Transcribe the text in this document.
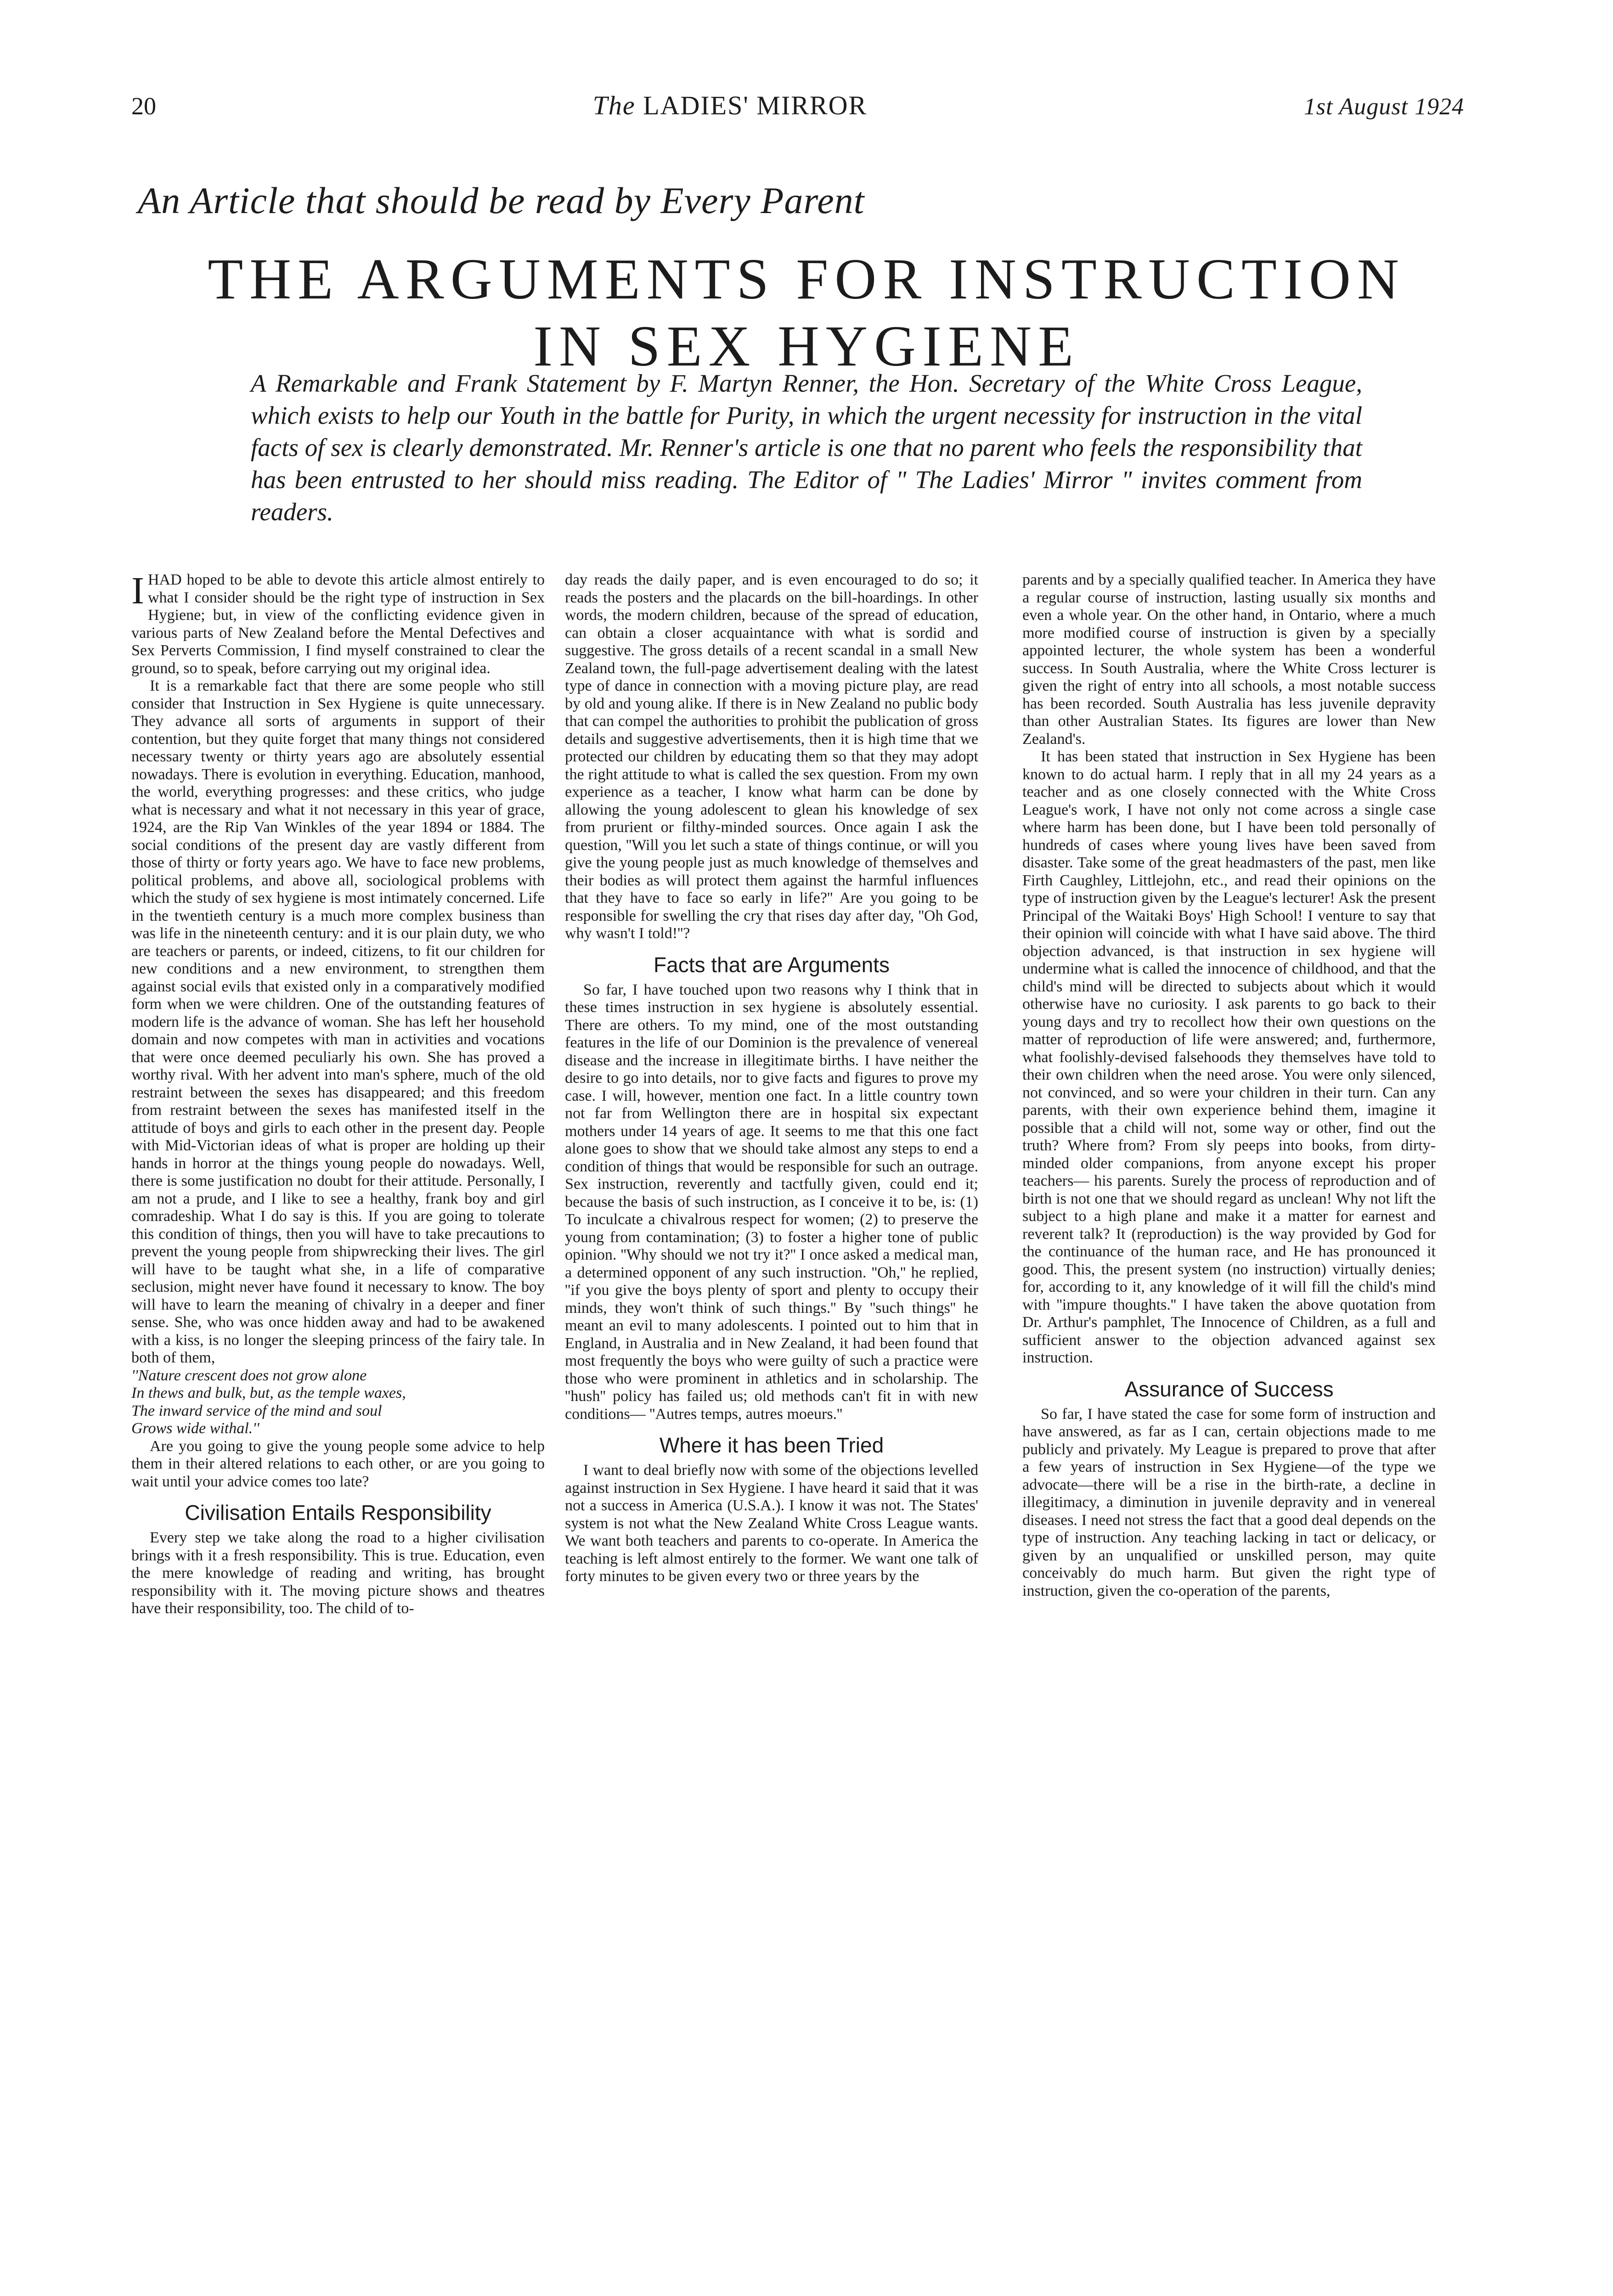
20	The LADIES' MIRROR	1st August 1924
An Article that should be read by Every Parent
THE ARGUMENTS FOR INSTRUCTION
IN SEX HYGIENE
A Remarkable and Frank Statement by F. Martyn Renner, the Hon. Secretary of the White Cross League, which exists to help our Youth in the battle for Purity, in which the urgent necessity for instruction in the vital facts of sex is clearly demonstrated. Mr. Renner's article is one that no parent who feels the responsibility that has been entrusted to her should miss reading. The Editor of " The Ladies' Mirror " invites comment from readers.

IHAD hoped to be able to devote this article almost entirely to what I consider should be the right type of instruction in Sex Hygiene; but, in view of the conflicting evidence given in various parts of New Zealand before the Mental Defectives and Sex Perverts Commission, I find myself constrained to clear the ground, so to speak, before carrying out my original idea.

It is a remarkable fact that there are some people who still consider that Instruction in Sex Hygiene is quite unnecessary. They advance all sorts of arguments in support of their contention, but they quite forget that many things not considered necessary twenty or thirty years ago are absolutely essential nowadays. There is evolution in everything. Education, manhood, the world, everything progresses: and these critics, who judge what is necessary and what it not necessary in this year of grace, 1924, are the Rip Van Winkles of the year 1894 or 1884. The social conditions of the present day are vastly different from those of thirty or forty years ago. We have to face new problems, political problems, and above all, sociological problems with which the study of sex hygiene is most intimately concerned. Life in the twentieth century is a much more complex business than was life in the nineteenth century: and it is our plain duty, we who are teachers or parents, or indeed, citizens, to fit our children for new conditions and a new environment, to strengthen them against social evils that existed only in a comparatively modified form when we were children. One of the outstanding features of modern life is the advance of woman. She has left her household domain and now competes with man in activities and vocations that were once deemed peculiarly his own. She has proved a worthy rival. With her advent into man's sphere, much of the old restraint between the sexes has disappeared; and this freedom from restraint between the sexes has manifested itself in the attitude of boys and girls to each other in the present day. People with Mid-Victorian ideas of what is proper are holding up their hands in horror at the things young people do nowadays. Well, there is some justification no doubt for their attitude. Personally, I am not a prude, and I like to see a healthy, frank boy and girl comradeship. What I do say is this. If you are going to tolerate this condition of things, then you will have to take precautions to prevent the young people from shipwrecking their lives. The girl will have to be taught what she, in a life of comparative seclusion, might never have found it necessary to know. The boy will have to learn the meaning of chivalry in a deeper and finer sense. She, who was once hidden away and had to be awakened with a kiss, is no longer the sleeping princess of the fairy tale. In both of them,

''Nature crescent does not grow alone

In thews and bulk, but, as the temple waxes,

The inward service of the mind and soul

Grows wide withal.''

Are you going to give the young people some advice to help them in their altered relations to each other, or are you going to wait until your advice comes too late?

Civilisation Entails Responsibility

Every step we take along the road to a higher civilisation brings with it a fresh responsibility. This is true. Education, even the mere knowledge of reading and writing, has brought responsibility with it. The moving picture shows and theatres have their responsibility, too. The child of to-

day reads the daily paper, and is even encouraged to do so; it reads the posters and the placards on the bill-hoardings. In other words, the modern children, because of the spread of education, can obtain a closer acquaintance with what is sordid and suggestive. The gross details of a recent scandal in a small New Zealand town, the full-page advertisement dealing with the latest type of dance in connection with a moving picture play, are read by old and young alike. If there is in New Zealand no public body that can compel the authorities to prohibit the publication of gross details and suggestive advertisements, then it is high time that we protected our children by educating them so that they may adopt the right attitude to what is called the sex question. From my own experience as a teacher, I know what harm can be done by allowing the young adolescent to glean his knowledge of sex from prurient or filthy-minded sources. Once again I ask the question, ''Will you let such a state of things continue, or will you give the young people just as much knowledge of themselves and their bodies as will protect them against the harmful influences that they have to face so early in life?'' Are you going to be responsible for swelling the cry that rises day after day, ''Oh God, why wasn't I told!''?

Facts that are Arguments

So far, I have touched upon two reasons why I think that in these times instruction in sex hygiene is absolutely essential. There are others. To my mind, one of the most outstanding features in the life of our Dominion is the prevalence of venereal disease and the increase in illegitimate births. I have neither the desire to go into details, nor to give facts and figures to prove my case. I will, however, mention one fact. In a little country town not far from Wellington there are in hospital six expectant mothers under 14 years of age. It seems to me that this one fact alone goes to show that we should take almost any steps to end a condition of things that would be responsible for such an outrage. Sex instruction, reverently and tactfully given, could end it; because the basis of such instruction, as I conceive it to be, is: (1) To inculcate a chivalrous respect for women; (2) to preserve the young from contamination; (3) to foster a higher tone of public opinion. ''Why should we not try it?'' I once asked a medical man, a determined opponent of any such instruction. ''Oh,'' he replied, ''if you give the boys plenty of sport and plenty to occupy their minds, they won't think of such things.'' By ''such things'' he meant an evil to many adolescents. I pointed out to him that in England, in Australia and in New Zealand, it had been found that most frequently the boys who were guilty of such a practice were those who were prominent in athletics and in scholarship. The ''hush'' policy has failed us; old methods can't fit in with new conditions— ''Autres temps, autres moeurs.''

Where it has been Tried

I want to deal briefly now with some of the objections levelled against instruction in Sex Hygiene. I have heard it said that it was not a success in America (U.S.A.). I know it was not. The States' system is not what the New Zealand White Cross League wants. We want both teachers and parents to co-operate. In America the teaching is left almost entirely to the former. We want one talk of forty minutes to be given every two or three years by the

parents and by a specially qualified teacher. In America they have a regular course of instruction, lasting usually six months and even a whole year. On the other hand, in Ontario, where a much more modified course of instruction is given by a specially appointed lecturer, the whole system has been a wonderful success. In South Australia, where the White Cross lecturer is given the right of entry into all schools, a most notable success has been recorded. South Australia has less juvenile depravity than other Australian States. Its figures are lower than New Zealand's.

It has been stated that instruction in Sex Hygiene has been known to do actual harm. I reply that in all my 24 years as a teacher and as one closely connected with the White Cross League's work, I have not only not come across a single case where harm has been done, but I have been told personally of hundreds of cases where young lives have been saved from disaster. Take some of the great headmasters of the past, men like Firth Caughley, Littlejohn, etc., and read their opinions on the type of instruction given by the League's lecturer! Ask the present Principal of the Waitaki Boys' High School! I venture to say that their opinion will coincide with what I have said above. The third objection advanced, is that instruction in sex hygiene will undermine what is called the innocence of childhood, and that the child's mind will be directed to subjects about which it would otherwise have no curiosity. I ask parents to go back to their young days and try to recollect how their own questions on the matter of reproduction of life were answered; and, furthermore, what foolishly-devised falsehoods they themselves have told to their own children when the need arose. You were only silenced, not convinced, and so were your children in their turn. Can any parents, with their own experience behind them, imagine it possible that a child will not, some way or other, find out the truth? Where from? From sly peeps into books, from dirty-minded older companions, from anyone except his proper teachers— his parents. Surely the process of reproduction and of birth is not one that we should regard as unclean! Why not lift the subject to a high plane and make it a matter for earnest and reverent talk? It (reproduction) is the way provided by God for the continuance of the human race, and He has pronounced it good. This, the present system (no instruction) virtually denies; for, according to it, any knowledge of it will fill the child's mind with ''impure thoughts.'' I have taken the above quotation from Dr. Arthur's pamphlet, The Innocence of Children, as a full and sufficient answer to the objection advanced against sex instruction.

Assurance of Success

So far, I have stated the case for some form of instruction and have answered, as far as I can, certain objections made to me publicly and privately. My League is prepared to prove that after a few years of instruction in Sex Hygiene—of the type we advocate—there will be a rise in the birth-rate, a decline in illegitimacy, a diminution in juvenile depravity and in venereal diseases. I need not stress the fact that a good deal depends on the type of instruction. Any teaching lacking in tact or delicacy, or given by an unqualified or unskilled person, may quite conceivably do much harm. But given the right type of instruction, given the co-operation of the parents,
